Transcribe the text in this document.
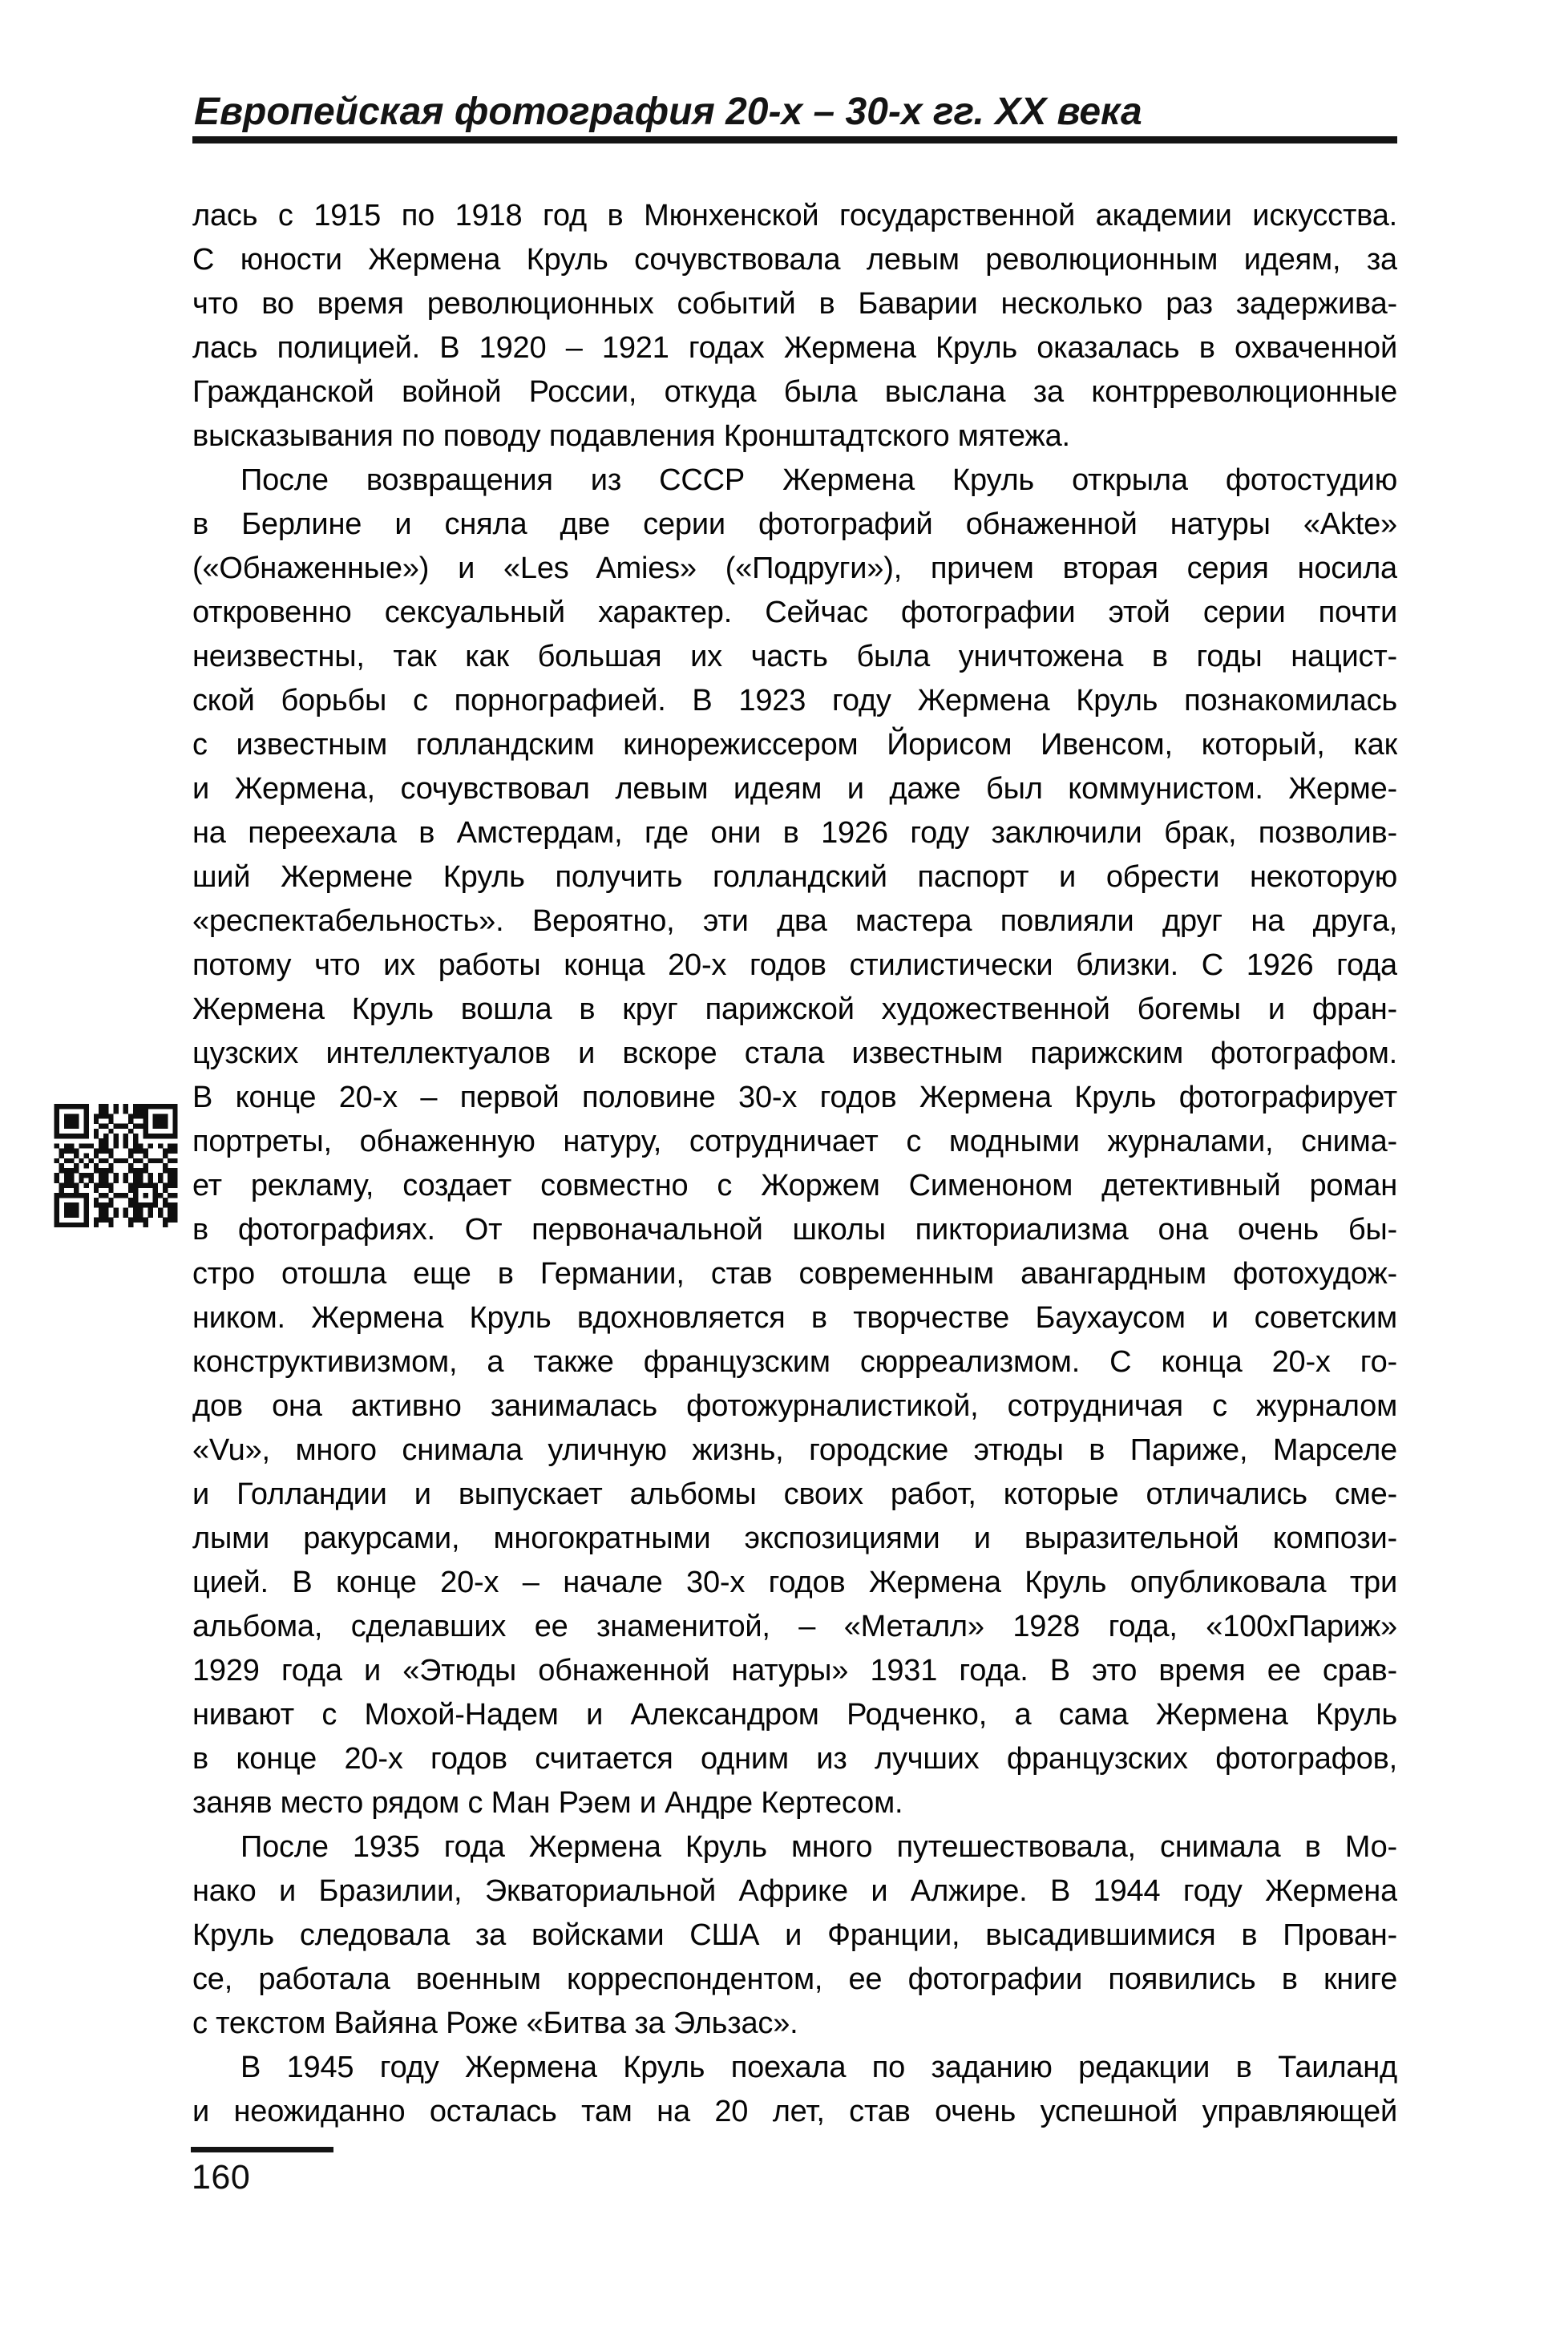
Европейская фотография 20-х – 30-х гг. XX века
лась с 1915 по 1918 год в Мюнхенской государственной академии искусства.
С юности Жермена Круль сочувствовала левым революционным идеям, за
что во время революционных событий в Баварии несколько раз задержива-
лась полицией. В 1920 – 1921 годах Жермена Круль оказалась в охваченной
Гражданской войной России, откуда была выслана за контрреволюционные
высказывания по поводу подавления Кронштадтского мятежа.
После возвращения из СССР Жермена Круль открыла фотостудию
в Берлине и сняла две серии фотографий обнаженной натуры «Akte»
(«Обнаженные») и «Les Amies» («Подруги»), причем вторая серия носила
откровенно сексуальный характер. Сейчас фотографии этой серии почти
неизвестны, так как большая их часть была уничтожена в годы нацист-
ской борьбы с порнографией. В 1923 году Жермена Круль познакомилась
с известным голландским кинорежиссером Йорисом Ивенсом, который, как
и Жермена, сочувствовал левым идеям и даже был коммунистом. Жерме-
на переехала в Амстердам, где они в 1926 году заключили брак, позволив-
ший Жермене Круль получить голландский паспорт и обрести некоторую
«респектабельность». Вероятно, эти два мастера повлияли друг на друга,
потому что их работы конца 20-х годов стилистически близки. С 1926 года
Жермена Круль вошла в круг парижской художественной богемы и фран-
цузских интеллектуалов и вскоре стала известным парижским фотографом.
В конце 20-х – первой половине 30-х годов Жермена Круль фотографирует
портреты, обнаженную натуру, сотрудничает с модными журналами, снима-
ет рекламу, создает совместно с Жоржем Сименоном детективный роман
в фотографиях. От первоначальной школы пикториализма она очень бы-
стро отошла еще в Германии, став современным авангардным фотохудож-
ником. Жермена Круль вдохновляется в творчестве Баухаусом и советским
конструктивизмом, а также французским сюрреализмом. С конца 20-х го-
дов она активно занималась фотожурналистикой, сотрудничая с журналом
«Vu», много снимала уличную жизнь, городские этюды в Париже, Марселе
и Голландии и выпускает альбомы своих работ, которые отличались сме-
лыми ракурсами, многократными экспозициями и выразительной компози-
цией. В конце 20-х – начале 30-х годов Жермена Круль опубликовала три
альбома, сделавших ее знаменитой, – «Металл» 1928 года, «100хПариж»
1929 года и «Этюды обнаженной натуры» 1931 года. В это время ее срав-
нивают с Мохой-Надем и Александром Родченко, а сама Жермена Круль
в конце 20-х годов считается одним из лучших французских фотографов,
заняв место рядом с Ман Рэем и Андре Кертесом.
После 1935 года Жермена Круль много путешествовала, снимала в Мо-
нако и Бразилии, Экваториальной Африке и Алжире. В 1944 году Жермена
Круль следовала за войсками США и Франции, высадившимися в Прован-
се, работала военным корреспондентом, ее фотографии появились в книге
с текстом Вайяна Роже «Битва за Эльзас».
В 1945 году Жермена Круль поехала по заданию редакции в Таиланд
и неожиданно осталась там на 20 лет, став очень успешной управляющей
160
